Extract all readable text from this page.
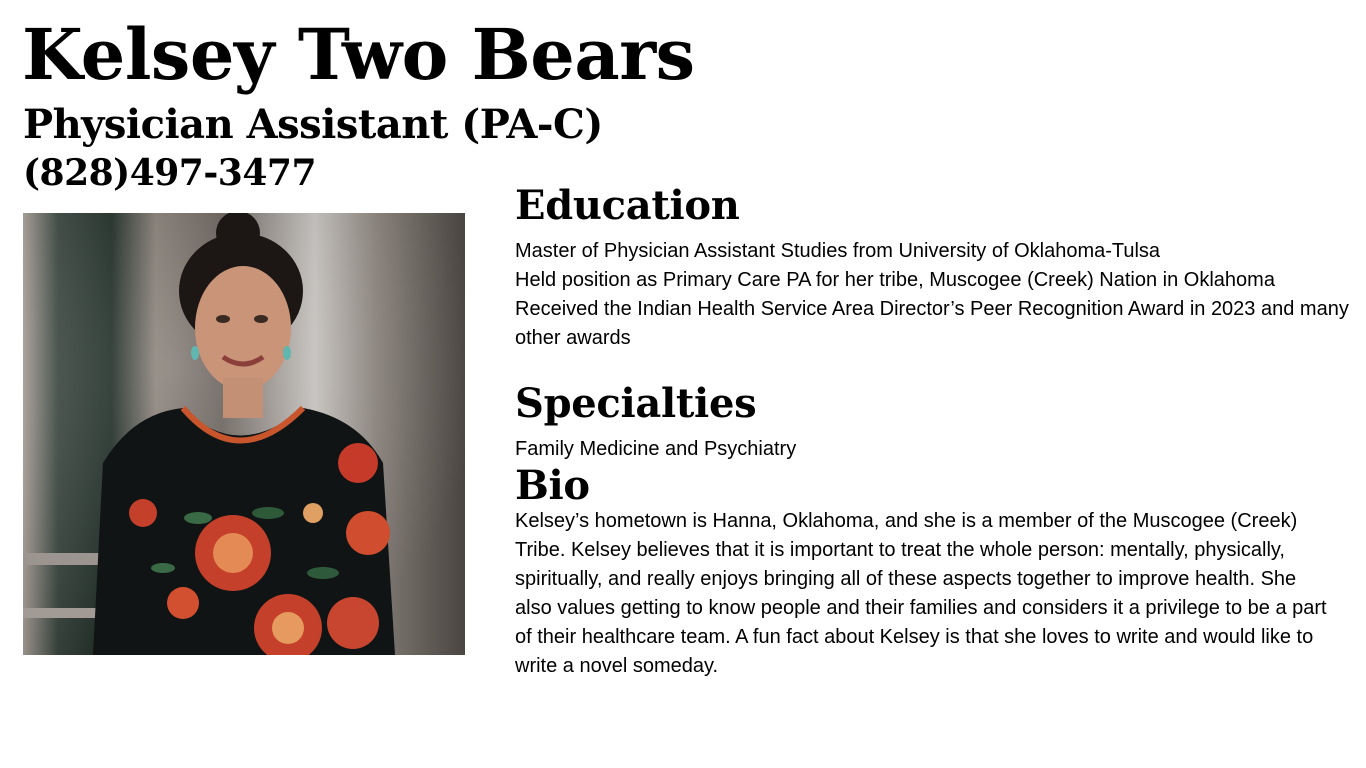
Kelsey Two Bears
Physician Assistant (PA-C)
(828)497-3477
Education
Master of Physician Assistant Studies from University of Oklahoma-Tulsa
Held position as Primary Care PA for her tribe, Muscogee (Creek) Nation in Oklahoma
Received the Indian Health Service Area Director’s Peer Recognition Award in 2023 and many other awards
Specialties
Family Medicine and Psychiatry
Bio
Kelsey’s hometown is Hanna, Oklahoma, and she is a member of the Muscogee (Creek) Tribe. Kelsey believes that it is important to treat the whole person: mentally, physically, spiritually, and really enjoys bringing all of these aspects together to improve health. She also values getting to know people and their families and considers it a privilege to be a part of their healthcare team. A fun fact about Kelsey is that she loves to write and would like to write a novel someday.
